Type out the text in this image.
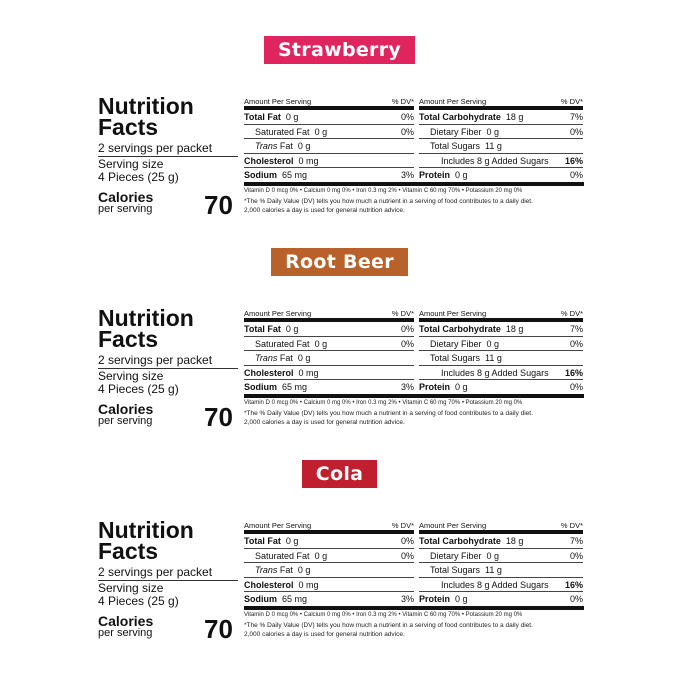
Strawberry
Nutrition
Facts
2 servings per packet
Serving size
4 Pieces (25 g)
Calories
per serving 70
Amount Per Serving	% DV*
Total Fat 0 g	0%
Saturated Fat 0 g	0%
Trans Fat 0 g
Cholesterol 0 mg
Sodium 65 mg	3%
Amount Per Serving	% DV*
Total Carbohydrate 18 g	7%
Dietary Fiber 0 g	0%
Total Sugars 11 g
Includes 8 g Added Sugars 16%
Protein 0 g	0%
Vitamin D 0 mcg 0% • Calcium 0 mg 0% • Iron 0.3 mg 2% • Vitamin C 60 mg 70% • Potassium 20 mg 0%
*The % Daily Value (DV) tells you how much a nutrient in a serving of food contributes to a daily diet.
2,000 calories a day is used for general nutrition advice.
Root Beer
Nutrition
Facts
2 servings per packet
Serving size
4 Pieces (25 g)
Calories
per serving 70
Amount Per Serving	% DV*
Total Fat 0 g	0%
Saturated Fat 0 g	0%
Trans Fat 0 g
Cholesterol 0 mg
Sodium 65 mg	3%
Amount Per Serving	% DV*
Total Carbohydrate 18 g	7%
Dietary Fiber 0 g	0%
Total Sugars 11 g
Includes 8 g Added Sugars 16%
Protein 0 g	0%
Vitamin D 0 mcg 0% • Calcium 0 mg 0% • Iron 0.3 mg 2% • Vitamin C 60 mg 70% • Potassium 20 mg 0%
*The % Daily Value (DV) tells you how much a nutrient in a serving of food contributes to a daily diet.
2,000 calories a day is used for general nutrition advice.
Cola
Nutrition
Facts
2 servings per packet
Serving size
4 Pieces (25 g)
Calories
per serving 70
Amount Per Serving	% DV*
Total Fat 0 g	0%
Saturated Fat 0 g	0%
Trans Fat 0 g
Cholesterol 0 mg
Sodium 65 mg	3%
Amount Per Serving	% DV*
Total Carbohydrate 18 g	7%
Dietary Fiber 0 g	0%
Total Sugars 11 g
Includes 8 g Added Sugars 16%
Protein 0 g	0%
Vitamin D 0 mcg 0% • Calcium 0 mg 0% • Iron 0.3 mg 2% • Vitamin C 60 mg 70% • Potassium 20 mg 0%
*The % Daily Value (DV) tells you how much a nutrient in a serving of food contributes to a daily diet.
2,000 calories a day is used for general nutrition advice.
